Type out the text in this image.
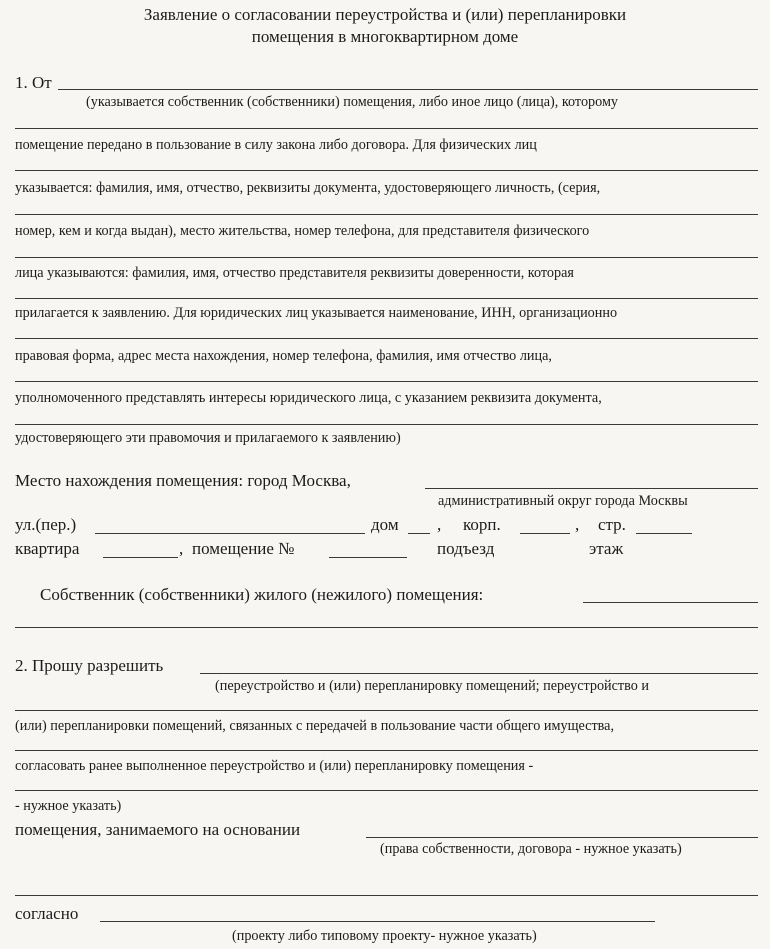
Заявление о согласовании переустройства и (или) перепланировки
помещения в многоквартирном доме
1. От
(указывается собственник (собственники) помещения, либо иное лицо (лица), которому
помещение передано в пользование в силу закона либо договора. Для физических лиц
указывается: фамилия, имя, отчество, реквизиты документа, удостоверяющего личность, (серия,
номер, кем и когда выдан), место жительства, номер телефона, для представителя физического
лица указываются: фамилия, имя, отчество представителя реквизиты доверенности, которая
прилагается к заявлению. Для юридических лиц указывается наименование, ИНН, организационно
правовая форма, адрес места нахождения, номер телефона, фамилия, имя отчество лица,
уполномоченного представлять интересы юридического лица, с указанием реквизита документа,
удостоверяющего эти правомочия и прилагаемого к заявлению)
Место нахождения помещения: город Москва,
административный округ города Москвы
ул.(пер.)	дом , корп.	, стр.
квартира	, помещение №	подъезд	этаж
Собственник (собственники) жилого (нежилого) помещения:
2. Прошу разрешить
(переустройство и (или) перепланировку помещений; переустройство и
(или) перепланировки помещений, связанных с передачей в пользование части общего имущества,
согласовать ранее выполненное переустройство и (или) перепланировку помещения -
- нужное указать)
помещения, занимаемого на основании
(права собственности, договора - нужное указать)
согласно
(проекту либо типовому проекту- нужное указать)
